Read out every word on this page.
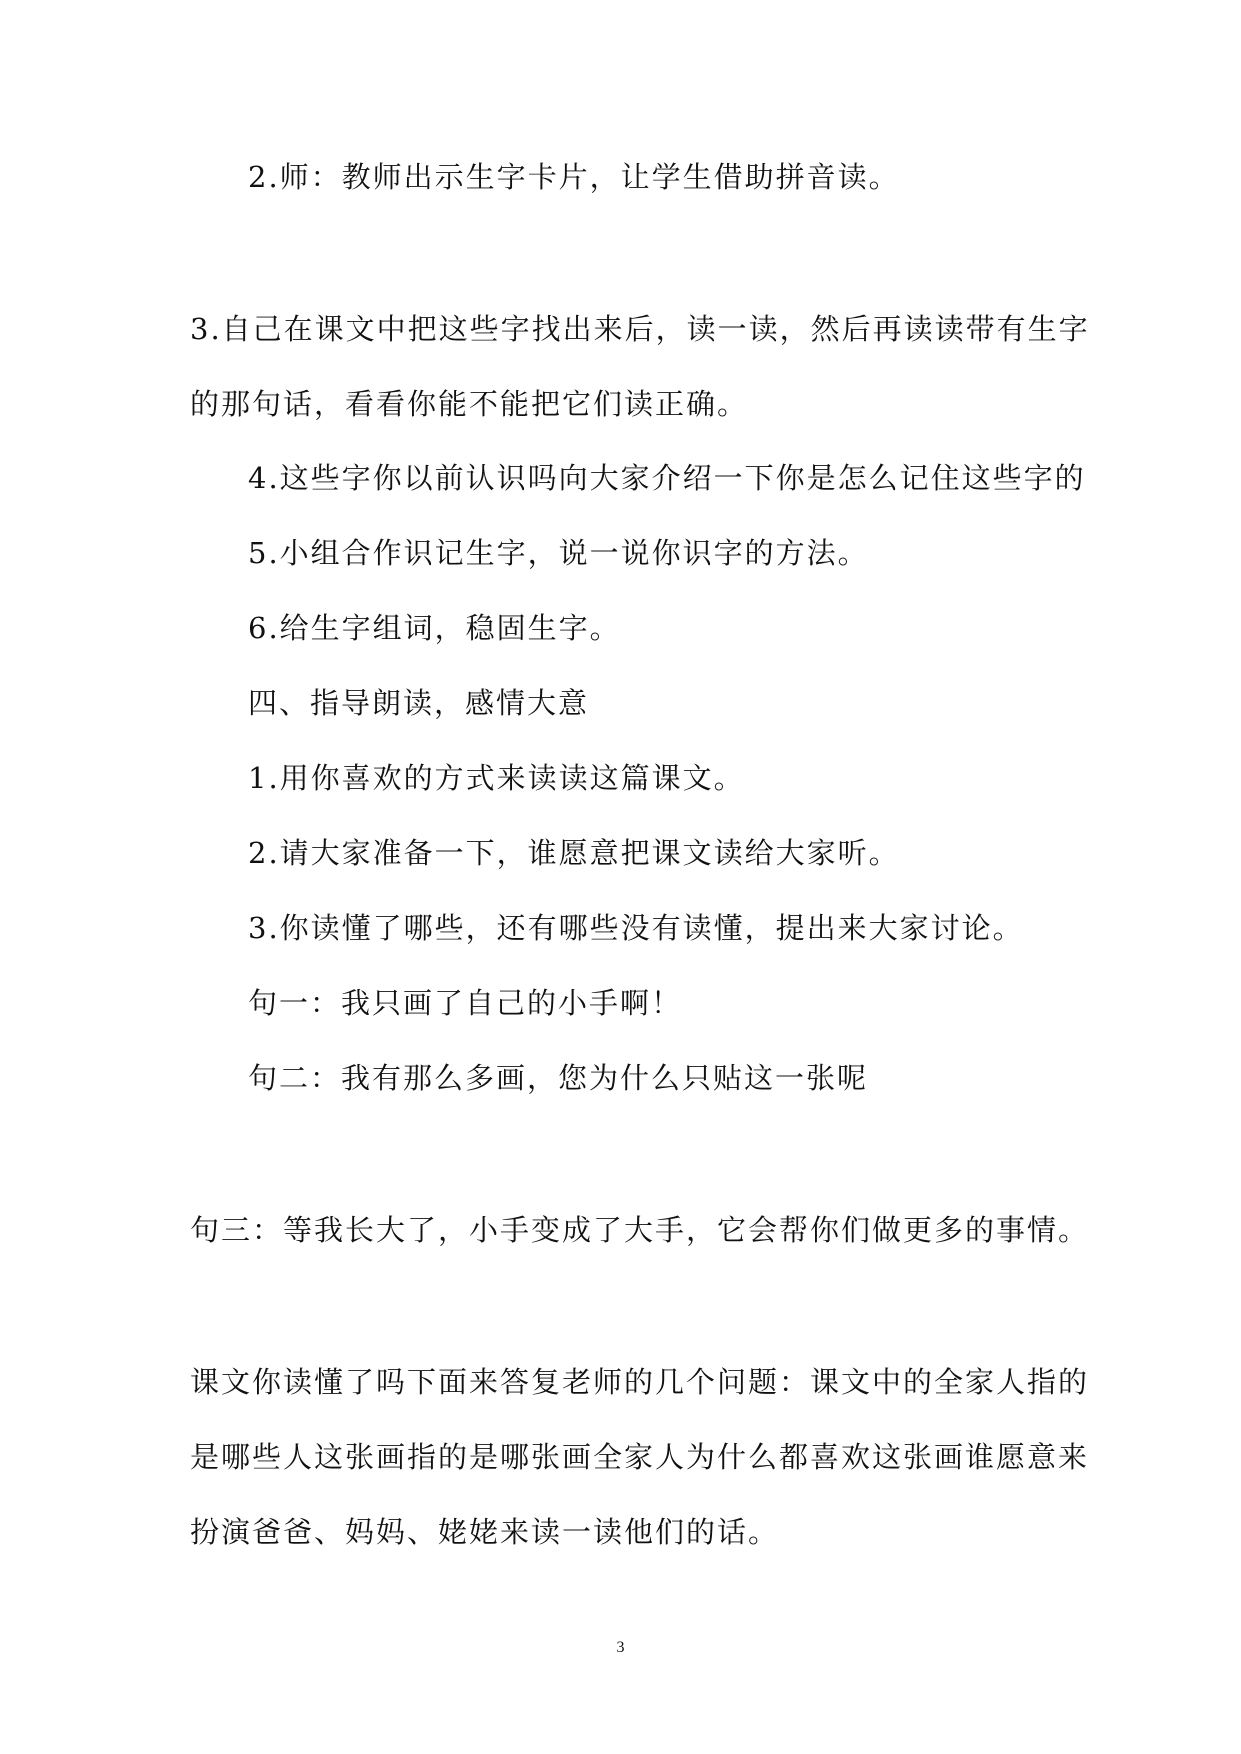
2.师：教师出示生字卡片，让学生借助拼音读。
3.自己在课文中把这些字找出来后，读一读，然后再读读带有生字
的那句话，看看你能不能把它们读正确。
4.这些字你以前认识吗向大家介绍一下你是怎么记住这些字的
5.小组合作识记生字，说一说你识字的方法。
6.给生字组词，稳固生字。
四、指导朗读，感情大意
1.用你喜欢的方式来读读这篇课文。
2.请大家准备一下，谁愿意把课文读给大家听。
3.你读懂了哪些，还有哪些没有读懂，提出来大家讨论。
句一：我只画了自己的小手啊！
句二：我有那么多画，您为什么只贴这一张呢
句三：等我长大了，小手变成了大手，它会帮你们做更多的事情。
课文你读懂了吗下面来答复老师的几个问题：课文中的全家人指的
是哪些人这张画指的是哪张画全家人为什么都喜欢这张画谁愿意来
扮演爸爸、妈妈、姥姥来读一读他们的话。
3
